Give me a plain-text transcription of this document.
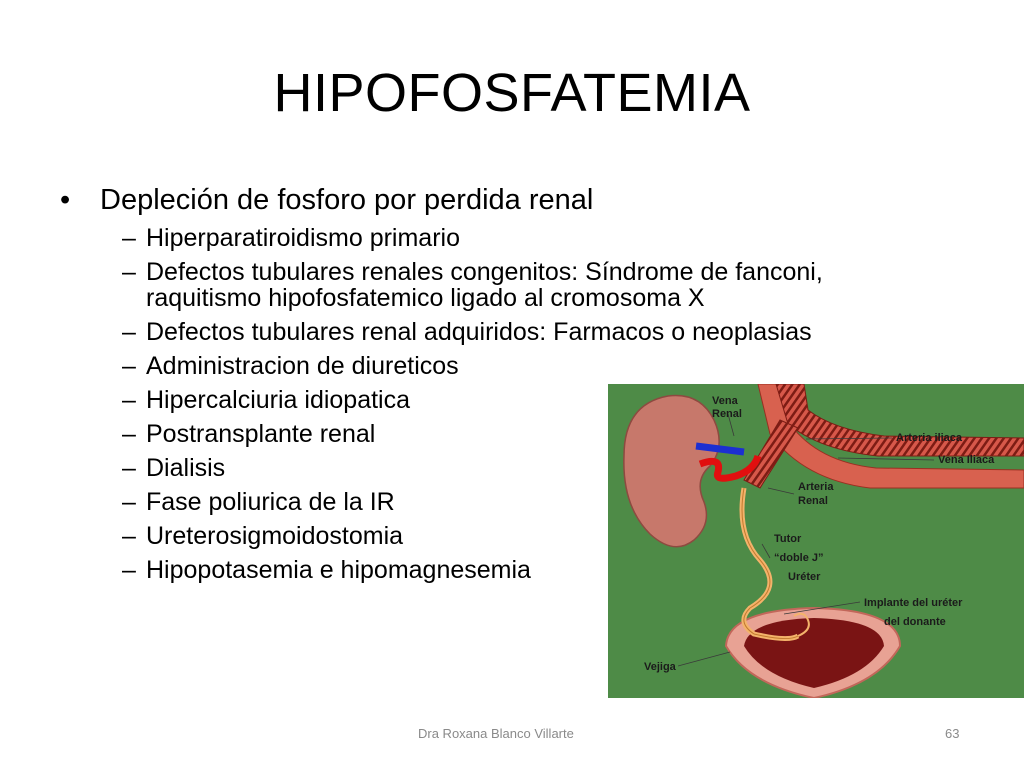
HIPOFOSFATEMIA
•	Depleción de fosforo por perdida renal
– Hiperparatiroidismo primario
– Defectos tubulares renales congenitos: Síndrome de fanconi, raquitismo hipofosfatemico ligado al cromosoma X
– Defectos tubulares renal adquiridos: Farmacos o neoplasias
– Administracion de diureticos
– Hipercalciuria idiopatica
– Postransplante renal
– Dialisis
– Fase poliurica de la IR
– Ureterosigmoidostomia
– Hipopotasemia e hipomagnesemia
Vena
Renal
Arteria iliaca
Vena Iliaca
Arteria
Renal
Tutor
“doble J”
Uréter
Implante del uréter
del donante
Vejiga
Dra Roxana Blanco Villarte	63
